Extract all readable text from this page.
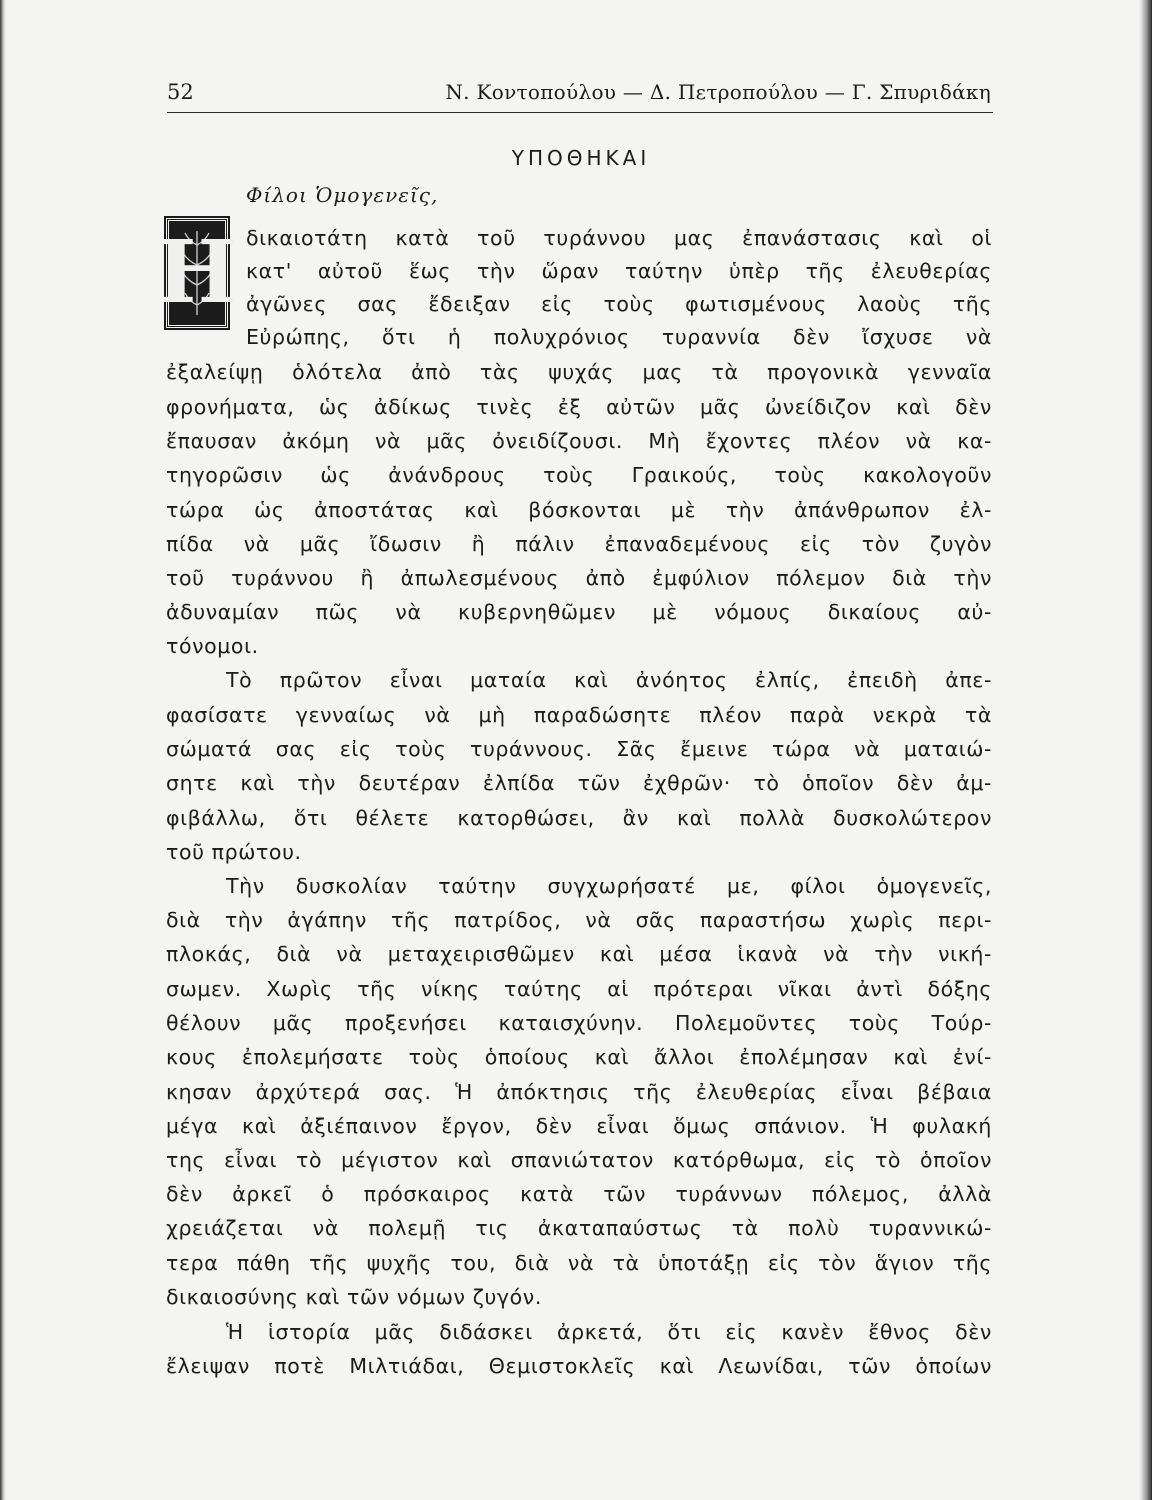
52	Ν. Κοντοπούλου — Δ. Πετροπούλου — Γ. Σπυριδάκη
ΥΠΟΘΗΚΑΙ
Φίλοι Ὁμογενεῖς,
Η δικαιοτάτη κατὰ τοῦ τυράννου μας ἐπανάστασις καὶ οἱ
κατ' αὐτοῦ ἕως τὴν ὥραν ταύτην ὑπὲρ τῆς ἐλευθερίας
ἀγῶνες σας ἔδειξαν εἰς τοὺς φωτισμένους λαοὺς τῆς
Εὐρώπης, ὅτι ἡ πολυχρόνιος τυραννία δὲν ἴσχυσε νὰ
ἐξαλείψῃ ὁλότελα ἀπὸ τὰς ψυχάς μας τὰ προγονικὰ γενναῖα
φρονήματα, ὡς ἀδίκως τινὲς ἐξ αὐτῶν μᾶς ὠνείδιζον καὶ δὲν
ἔπαυσαν ἀκόμη νὰ μᾶς ὀνειδίζουσι. Μὴ ἔχοντες πλέον νὰ κα-
τηγορῶσιν ὡς ἀνάνδρους τοὺς Γραικούς, τοὺς κακολογοῦν
τώρα ὡς ἀποστάτας καὶ βόσκονται μὲ τὴν ἀπάνθρωπον ἐλ-
πίδα νὰ μᾶς ἴδωσιν ἢ πάλιν ἐπαναδεμένους εἰς τὸν ζυγὸν
τοῦ τυράννου ἢ ἀπωλεσμένους ἀπὸ ἐμφύλιον πόλεμον διὰ τὴν
ἀδυναμίαν πῶς νὰ κυβερνηθῶμεν μὲ νόμους δικαίους αὐ-
τόνομοι.
Τὸ πρῶτον εἶναι ματαία καὶ ἀνόητος ἐλπίς, ἐπειδὴ ἀπε-
φασίσατε γενναίως νὰ μὴ παραδώσητε πλέον παρὰ νεκρὰ τὰ
σώματά σας εἰς τοὺς τυράννους. Σᾶς ἔμεινε τώρα νὰ ματαιώ-
σητε καὶ τὴν δευτέραν ἐλπίδα τῶν ἐχθρῶν· τὸ ὁποῖον δὲν ἀμ-
φιβάλλω, ὅτι θέλετε κατορθώσει, ἂν καὶ πολλὰ δυσκολώτερον
τοῦ πρώτου.
Τὴν δυσκολίαν ταύτην συγχωρήσατέ με, φίλοι ὁμογενεῖς,
διὰ τὴν ἀγάπην τῆς πατρίδος, νὰ σᾶς παραστήσω χωρὶς περι-
πλοκάς, διὰ νὰ μεταχειρισθῶμεν καὶ μέσα ἱκανὰ νὰ τὴν νική-
σωμεν. Χωρὶς τῆς νίκης ταύτης αἱ πρότεραι νῖκαι ἀντὶ δόξης
θέλουν μᾶς προξενήσει καταισχύνην. Πολεμοῦντες τοὺς Τούρ-
κους ἐπολεμήσατε τοὺς ὁποίους καὶ ἄλλοι ἐπολέμησαν καὶ ἐνί-
κησαν ἀρχύτερά σας. Ἡ ἀπόκτησις τῆς ἐλευθερίας εἶναι βέβαια
μέγα καὶ ἀξιέπαινον ἔργον, δὲν εἶναι ὅμως σπάνιον. Ἡ φυλακή
της εἶναι τὸ μέγιστον καὶ σπανιώτατον κατόρθωμα, εἰς τὸ ὁποῖον
δὲν ἀρκεῖ ὁ πρόσκαιρος κατὰ τῶν τυράννων πόλεμος, ἀλλὰ
χρειάζεται νὰ πολεμῇ τις ἀκαταπαύστως τὰ πολὺ τυραννικώ-
τερα πάθη τῆς ψυχῆς του, διὰ νὰ τὰ ὑποτάξῃ εἰς τὸν ἅγιον τῆς
δικαιοσύνης καὶ τῶν νόμων ζυγόν.
Ἡ ἱστορία μᾶς διδάσκει ἀρκετά, ὅτι εἰς κανὲν ἔθνος δὲν
ἔλειψαν ποτὲ Μιλτιάδαι, Θεμιστοκλεῖς καὶ Λεωνίδαι, τῶν ὁποίων
